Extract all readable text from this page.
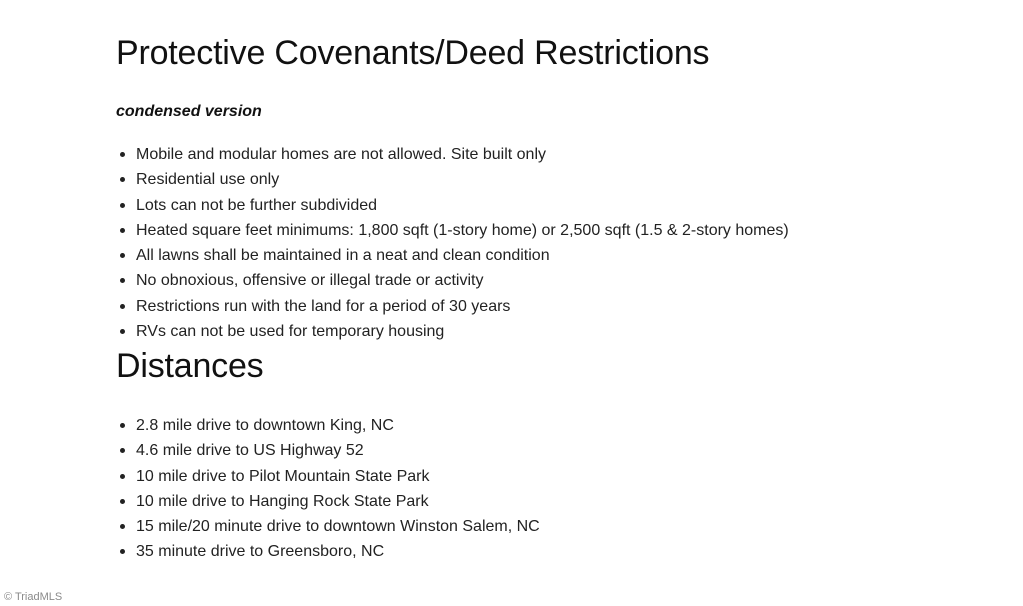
Protective Covenants/Deed Restrictions
condensed version
Mobile and modular homes are not allowed. Site built only
Residential use only
Lots can not be further subdivided
Heated square feet minimums: 1,800 sqft (1-story home) or 2,500 sqft (1.5 & 2-story homes)
All lawns shall be maintained in a neat and clean condition
No obnoxious, offensive or illegal trade or activity
Restrictions run with the land for a period of 30 years
RVs can not be used for temporary housing
Distances
2.8 mile drive to downtown King, NC
4.6 mile drive to US Highway 52
10 mile drive to Pilot Mountain State Park
10 mile drive to Hanging Rock State Park
15 mile/20 minute drive to downtown Winston Salem, NC
35 minute drive to Greensboro, NC
© TriadMLS
